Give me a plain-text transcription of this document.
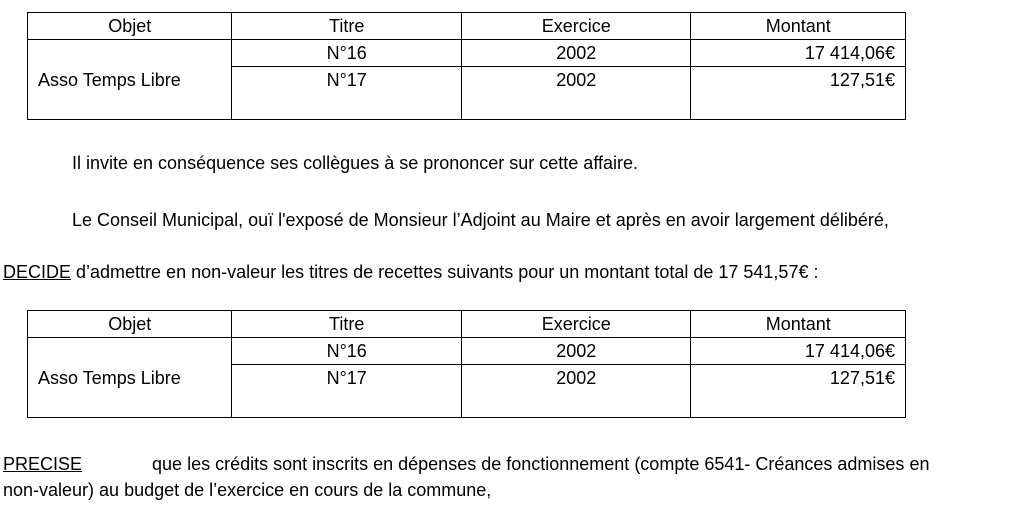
Objet	Titre	Exercice	Montant
Asso Temps Libre	N°16	2002	17 414,06€
	N°17	2002	127,51€

Il invite en conséquence ses collègues à se prononcer sur cette affaire.

Le Conseil Municipal, ouï l'exposé de Monsieur l’Adjoint au Maire et après en avoir largement délibéré,

DECIDE d’admettre en non-valeur les titres de recettes suivants pour un montant total de 17 541,57€ :

Objet	Titre	Exercice	Montant
Asso Temps Libre	N°16	2002	17 414,06€
	N°17	2002	127,51€

PRECISE	que les crédits sont inscrits en dépenses de fonctionnement (compte 6541- Créances admises en

non-valeur) au budget de l’exercice en cours de la commune,
